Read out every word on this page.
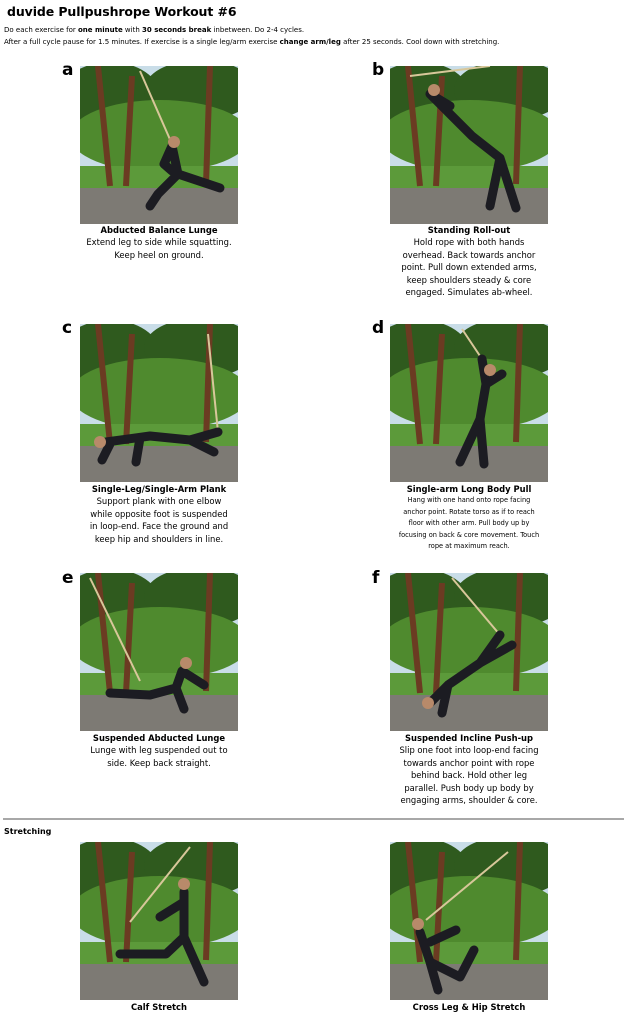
duvide Pullpushrope Workout #6
Do each exercise for one minute with 30 seconds break inbetween. Do 2-4 cycles.
After a full cycle pause for 1.5 minutes. If exercise is a single leg/arm exercise change arm/leg after 25 seconds. Cool down with stretching.
a
Abducted Balance Lunge
Extend leg to side while squatting.
Keep heel on ground.
b
Standing Roll-out
Hold rope with both hands
overhead. Back towards anchor
point. Pull down extended arms,
keep shoulders steady & core
engaged. Simulates ab-wheel.
c
Single-Leg/Single-Arm Plank
Support plank with one elbow
while opposite foot is suspended
in loop-end. Face the ground and
keep hip and shoulders in line.
d
Single-arm Long Body Pull
Hang with one hand onto rope facing
anchor point. Rotate torso as if to reach
floor with other arm. Pull body up by
focusing on back & core movement. Touch
rope at maximum reach.
e
Suspended Abducted Lunge
Lunge with leg suspended out to
side. Keep back straight.
f
Suspended Incline Push-up
Slip one foot into loop-end facing
towards anchor point with rope
behind back. Hold other leg
parallel. Push body up body by
engaging arms, shoulder & core.
Stretching
Calf Stretch	Cross Leg & Hip Stretch
